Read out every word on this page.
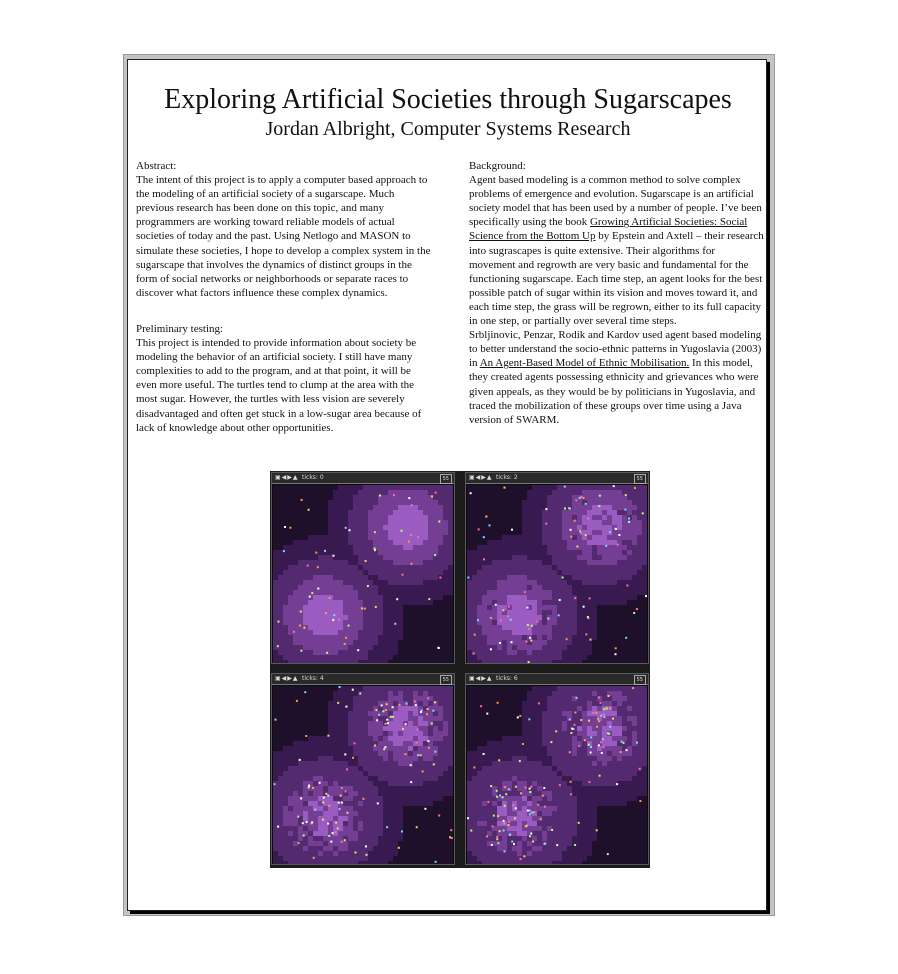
Exploring Artificial Societies through Sugarscapes
Jordan Albright, Computer Systems Research

Abstract:

The intent of this project is to apply a computer based approach to the modeling of an artificial society of a sugarscape. Much previous research has been done on this topic, and many programmers are working toward reliable models of actual societies of today and the past. Using Netlogo and MASON to simulate these societies, I hope to develop a complex system in the sugarscape that involves the dynamics of distinct groups in the form of social networks or neighborhoods or separate races to discover what factors influence these complex dynamics.

Preliminary testing:

This project is intended to provide information about society be modeling the behavior of an artificial society. I still have many complexities to add to the program, and at that point, it will be even more useful. The turtles tend to clump at the area with the most sugar. However, the turtles with less vision are severely disadvantaged and often get stuck in a low-sugar area because of lack of knowledge about other opportunities.

Background:

Agent based modeling is a common method to solve complex problems of emergence and evolution. Sugarscape is an artificial society model that has been used by a number of people. I’ve been specifically using the book Growing Artificial Societies: Social Science from the Bottom Up by Epstein and Axtell – their research into sugrascapes is quite extensive. Their algorithms for movement and regrowth are very basic and fundamental for the functioning sugarscape. Each time step, an agent looks for the best possible patch of sugar within its vision and moves toward it, and each time step, the grass will be regrown, either to its full capacity in one step, or partially over several time steps.

Srbljinovic, Penzar, Rodik and Kardov used agent based modeling to better understand the socio-ethnic patterns in Yugoslavia (2003) in An Agent-Based Model of Ethnic Mobilisation. In this model, they created agents possessing ethnicity and grievances who were given appeals, as they would be by politicians in Yugoslavia, and traced the mobilization of these groups over time using a Java version of SWARM.

▣◀▶▲ ticks: 0	55	▣◀▶▲ ticks: 2	55
▣◀▶▲ ticks: 4	55	▣◀▶▲ ticks: 6	55
